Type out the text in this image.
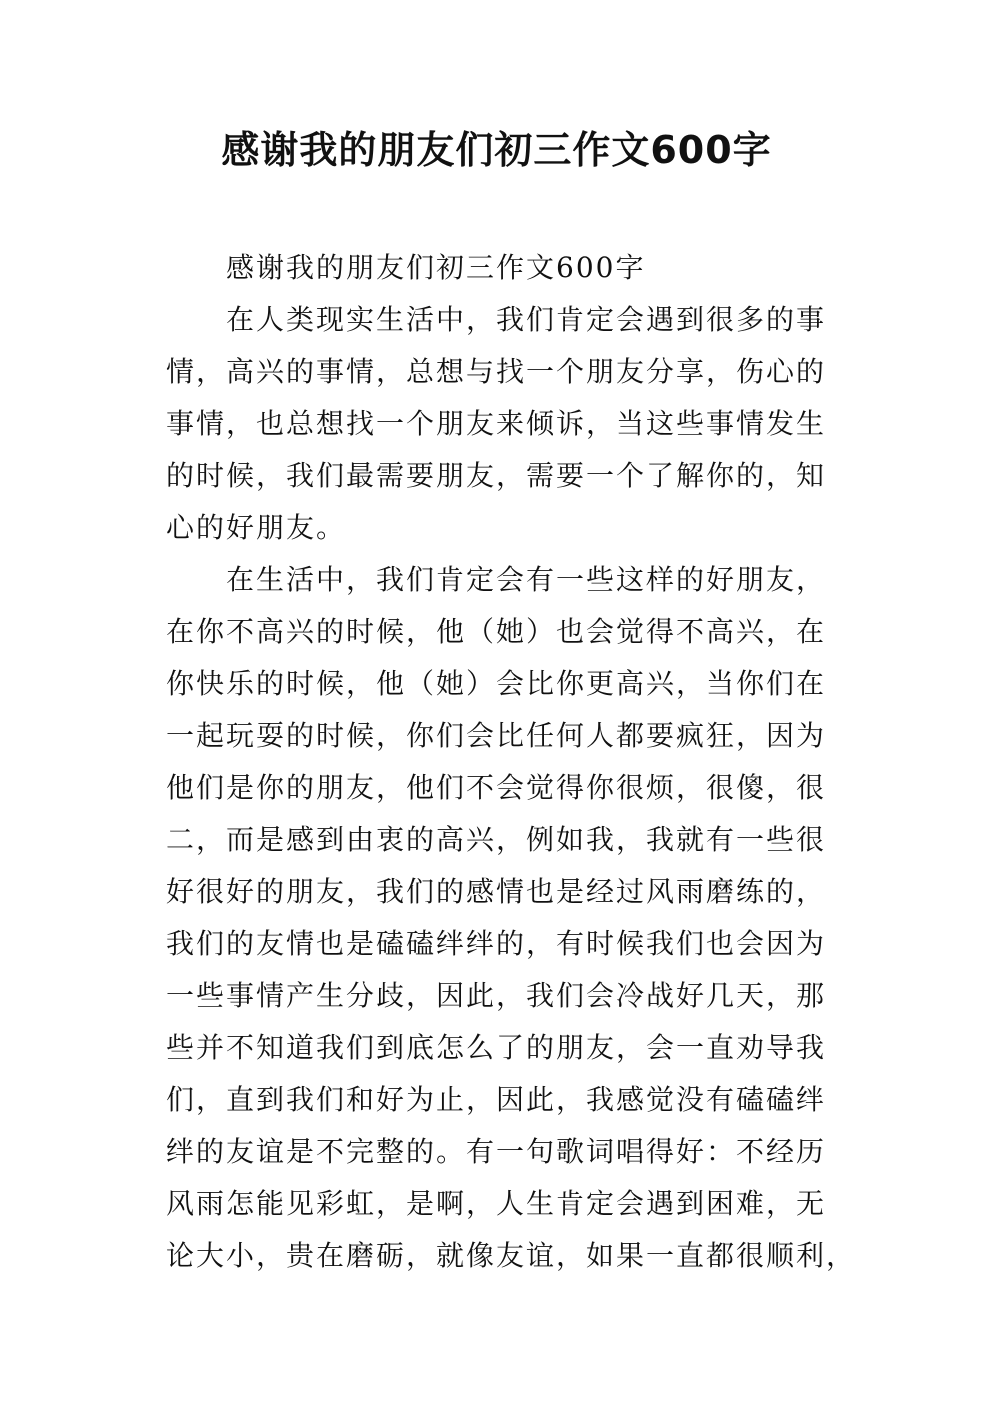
感谢我的朋友们初三作文600字
感谢我的朋友们初三作文600字
在人类现实生活中，我们肯定会遇到很多的事
情，高兴的事情，总想与找一个朋友分享，伤心的
事情，也总想找一个朋友来倾诉，当这些事情发生
的时候，我们最需要朋友，需要一个了解你的，知
心的好朋友。
在生活中，我们肯定会有一些这样的好朋友，
在你不高兴的时候，他（她）也会觉得不高兴，在
你快乐的时候，他（她）会比你更高兴，当你们在
一起玩耍的时候，你们会比任何人都要疯狂，因为
他们是你的朋友，他们不会觉得你很烦，很傻，很
二，而是感到由衷的高兴，例如我，我就有一些很
好很好的朋友，我们的感情也是经过风雨磨练的，
我们的友情也是磕磕绊绊的，有时候我们也会因为
一些事情产生分歧，因此，我们会冷战好几天，那
些并不知道我们到底怎么了的朋友，会一直劝导我
们，直到我们和好为止，因此，我感觉没有磕磕绊
绊的友谊是不完整的。有一句歌词唱得好：不经历
风雨怎能见彩虹，是啊，人生肯定会遇到困难，无
论大小，贵在磨砺，就像友谊，如果一直都很顺利，
